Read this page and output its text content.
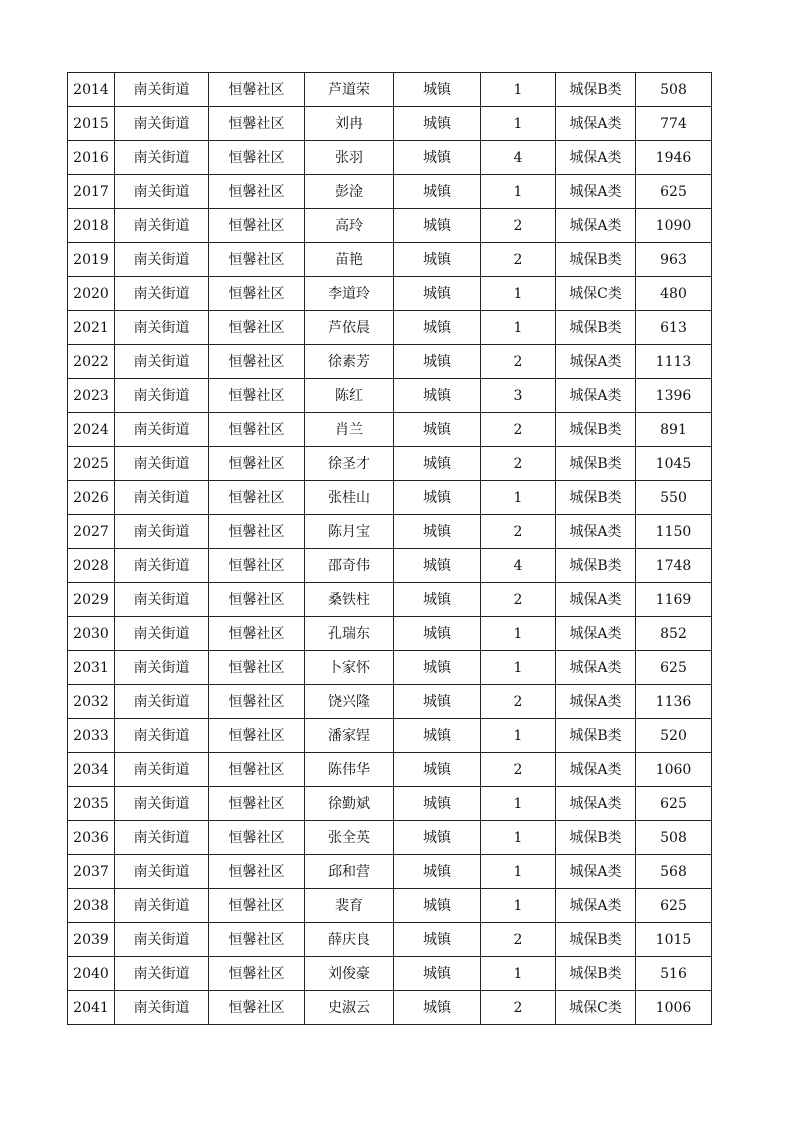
2014	南关街道	恒馨社区	芦道荣	城镇	1	城保B类	508
2015	南关街道	恒馨社区	刘冉	城镇	1	城保A类	774
2016	南关街道	恒馨社区	张羽	城镇	4	城保A类	1946
2017	南关街道	恒馨社区	彭淦	城镇	1	城保A类	625
2018	南关街道	恒馨社区	高玲	城镇	2	城保A类	1090
2019	南关街道	恒馨社区	苗艳	城镇	2	城保B类	963
2020	南关街道	恒馨社区	李道玲	城镇	1	城保C类	480
2021	南关街道	恒馨社区	芦依晨	城镇	1	城保B类	613
2022	南关街道	恒馨社区	徐素芳	城镇	2	城保A类	1113
2023	南关街道	恒馨社区	陈红	城镇	3	城保A类	1396
2024	南关街道	恒馨社区	肖兰	城镇	2	城保B类	891
2025	南关街道	恒馨社区	徐圣才	城镇	2	城保B类	1045
2026	南关街道	恒馨社区	张桂山	城镇	1	城保B类	550
2027	南关街道	恒馨社区	陈月宝	城镇	2	城保A类	1150
2028	南关街道	恒馨社区	邵奇伟	城镇	4	城保B类	1748
2029	南关街道	恒馨社区	桑铁柱	城镇	2	城保A类	1169
2030	南关街道	恒馨社区	孔瑞东	城镇	1	城保A类	852
2031	南关街道	恒馨社区	卜家怀	城镇	1	城保A类	625
2032	南关街道	恒馨社区	饶兴隆	城镇	2	城保A类	1136
2033	南关街道	恒馨社区	潘家锃	城镇	1	城保B类	520
2034	南关街道	恒馨社区	陈伟华	城镇	2	城保A类	1060
2035	南关街道	恒馨社区	徐勤斌	城镇	1	城保A类	625
2036	南关街道	恒馨社区	张全英	城镇	1	城保B类	508
2037	南关街道	恒馨社区	邱和营	城镇	1	城保A类	568
2038	南关街道	恒馨社区	裴育	城镇	1	城保A类	625
2039	南关街道	恒馨社区	薛庆良	城镇	2	城保B类	1015
2040	南关街道	恒馨社区	刘俊豪	城镇	1	城保B类	516
2041	南关街道	恒馨社区	史淑云	城镇	2	城保C类	1006
